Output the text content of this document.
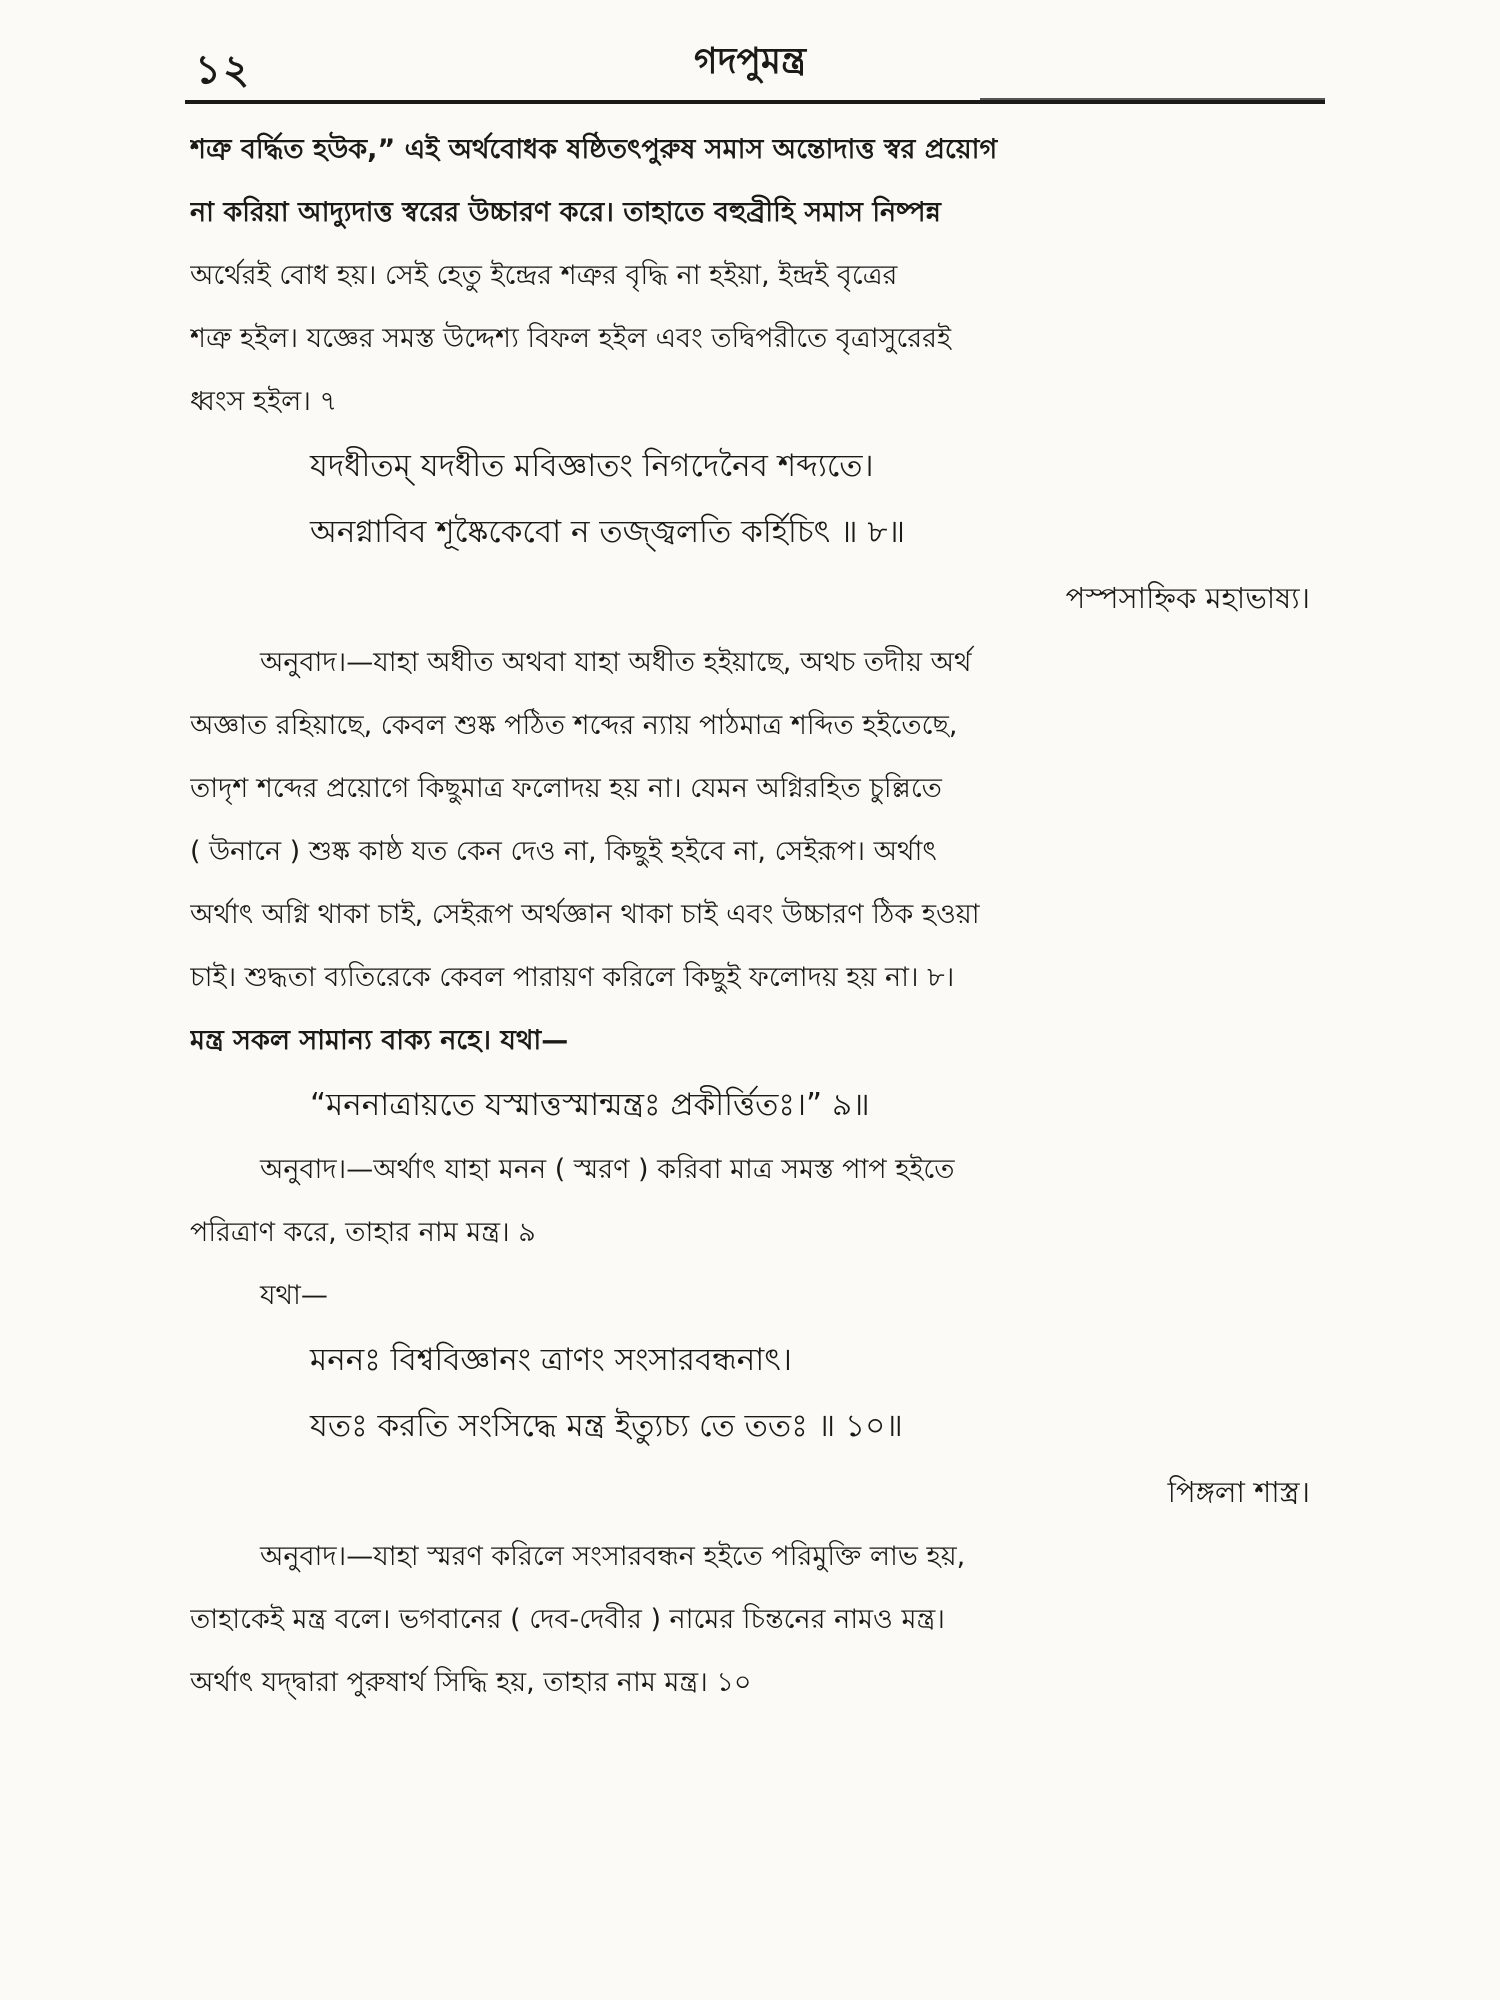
১২	গদপুমন্ত্র
শত্রু বর্দ্ধিত হউক,” এই অর্থবোধক ষষ্ঠিতৎপুরুষ সমাস অন্তোদাত্ত স্বর প্রয়োগ
না করিয়া আদ্যুদাত্ত স্বরের উচ্চারণ করে। তাহাতে বহুব্রীহি সমাস নিষ্পন্ন
অর্থেরই বোধ হয়। সেই হেতু ইন্দ্রের শত্রুর বৃদ্ধি না হইয়া, ইন্দ্রই বৃত্রের
শত্রু হইল। যজ্ঞের সমস্ত উদ্দেশ্য বিফল হইল এবং তদ্বিপরীতে বৃত্রাসুরেরই
ধ্বংস হইল। ৭
যদধীতম্ যদধীত মবিজ্ঞাতং নিগদেনৈব শব্দ্যতে।
অনগ্নাবিব শূষ্কৈকেবো ন তজ্জ্বলতি কর্হিচিৎ ॥ ৮॥
পস্পসাহ্নিক মহাভাষ্য।
অনুবাদ।—যাহা অধীত অথবা যাহা অধীত হইয়াছে, অথচ তদীয় অর্থ
অজ্ঞাত রহিয়াছে, কেবল শুষ্ক পঠিত শব্দের ন্যায় পাঠমাত্র শব্দিত হইতেছে,
তাদৃশ শব্দের প্রয়োগে কিছুমাত্র ফলোদয় হয় না। যেমন অগ্নিরহিত চুল্লিতে
( উনানে ) শুষ্ক কাষ্ঠ যত কেন দেও না, কিছুই হইবে না, সেইরূপ। অর্থাৎ
অর্থাৎ অগ্নি থাকা চাই, সেইরূপ অর্থজ্ঞান থাকা চাই এবং উচ্চারণ ঠিক হওয়া
চাই। শুদ্ধতা ব্যতিরেকে কেবল পারায়ণ করিলে কিছুই ফলোদয় হয় না। ৮।
মন্ত্র সকল সামান্য বাক্য নহে। যথা—
“মননাত্রায়তে যস্মাত্তস্মান্মন্ত্রঃ প্রকীর্ত্তিতঃ।” ৯॥
অনুবাদ।—অর্থাৎ যাহা মনন ( স্মরণ ) করিবা মাত্র সমস্ত পাপ হইতে
পরিত্রাণ করে, তাহার নাম মন্ত্র। ৯
যথা—
মননঃ বিশ্ববিজ্ঞানং ত্রাণং সংসারবন্ধনাৎ।
যতঃ করতি সংসিদ্ধে মন্ত্র ইত্যুচ্য তে ততঃ ॥ ১০॥
পিঙ্গলা শাস্ত্র।
অনুবাদ।—যাহা স্মরণ করিলে সংসারবন্ধন হইতে পরিমুক্তি লাভ হয়,
তাহাকেই মন্ত্র বলে। ভগবানের ( দেব-দেবীর ) নামের চিন্তনের নামও মন্ত্র।
অর্থাৎ যদ্দ্বারা পুরুষার্থ সিদ্ধি হয়, তাহার নাম মন্ত্র। ১০
